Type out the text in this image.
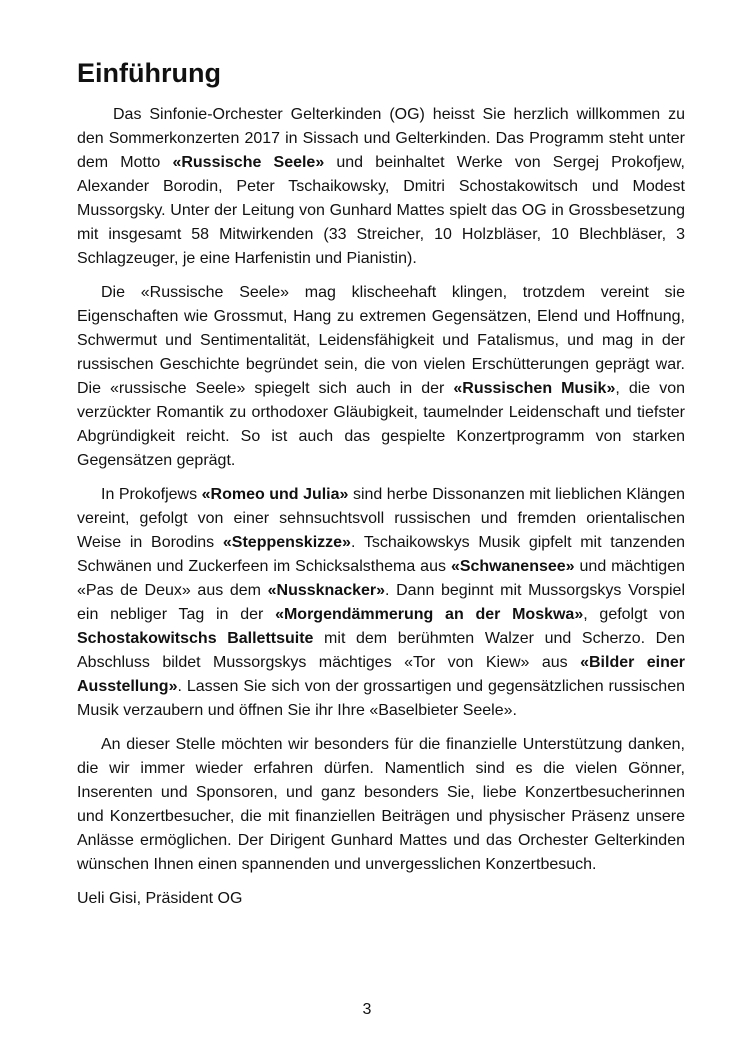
Einführung

Das Sinfonie-Orchester Gelterkinden (OG) heisst Sie herzlich willkommen zu den Sommerkonzerten 2017 in Sissach und Gelterkinden. Das Programm steht unter dem Motto «Russische Seele» und beinhaltet Werke von Sergej Prokofjew, Alexander Borodin, Peter Tschaikowsky, Dmitri Schostakowitsch und Modest Mussorgsky. Unter der Leitung von Gunhard Mattes spielt das OG in Grossbesetzung mit insgesamt 58 Mitwirkenden (33 Streicher, 10 Holzbläser, 10 Blechbläser, 3 Schlagzeuger, je eine Harfenistin und Pianistin).

Die «Russische Seele» mag klischeehaft klingen, trotzdem vereint sie Eigenschaften wie Grossmut, Hang zu extremen Gegensätzen, Elend und Hoffnung, Schwermut und Sentimentalität, Leidensfähigkeit und Fatalismus, und mag in der russischen Geschichte begründet sein, die von vielen Erschütterungen geprägt war. Die «russische Seele» spiegelt sich auch in der «Russischen Musik», die von verzückter Romantik zu orthodoxer Gläubigkeit, taumelnder Leidenschaft und tiefster Abgründigkeit reicht. So ist auch das gespielte Konzertprogramm von starken Gegensätzen geprägt.

In Prokofjews «Romeo und Julia» sind herbe Dissonanzen mit lieblichen Klängen vereint, gefolgt von einer sehnsuchtsvoll russischen und fremden orientalischen Weise in Borodins «Steppenskizze». Tschaikowskys Musik gipfelt mit tanzenden Schwänen und Zuckerfeen im Schicksalsthema aus «Schwanensee» und mächtigen «Pas de Deux» aus dem «Nussknacker». Dann beginnt mit Mussorgskys Vorspiel ein nebliger Tag in der «Morgendämmerung an der Moskwa», gefolgt von Schostakowitschs Ballettsuite mit dem berühmten Walzer und Scherzo. Den Abschluss bildet Mussorgskys mächtiges «Tor von Kiew» aus «Bilder einer Ausstellung». Lassen Sie sich von der grossartigen und gegensätzlichen russischen Musik verzaubern und öffnen Sie ihr Ihre «Baselbieter Seele».

An dieser Stelle möchten wir besonders für die finanzielle Unterstützung danken, die wir immer wieder erfahren dürfen. Namentlich sind es die vielen Gönner, Inserenten und Sponsoren, und ganz besonders Sie, liebe Konzertbesucherinnen und Konzertbesucher, die mit finanziellen Beiträgen und physischer Präsenz unsere Anlässe ermöglichen. Der Dirigent Gunhard Mattes und das Orchester Gelterkinden wünschen Ihnen einen spannenden und unvergesslichen Konzertbesuch.

Ueli Gisi, Präsident OG

3
